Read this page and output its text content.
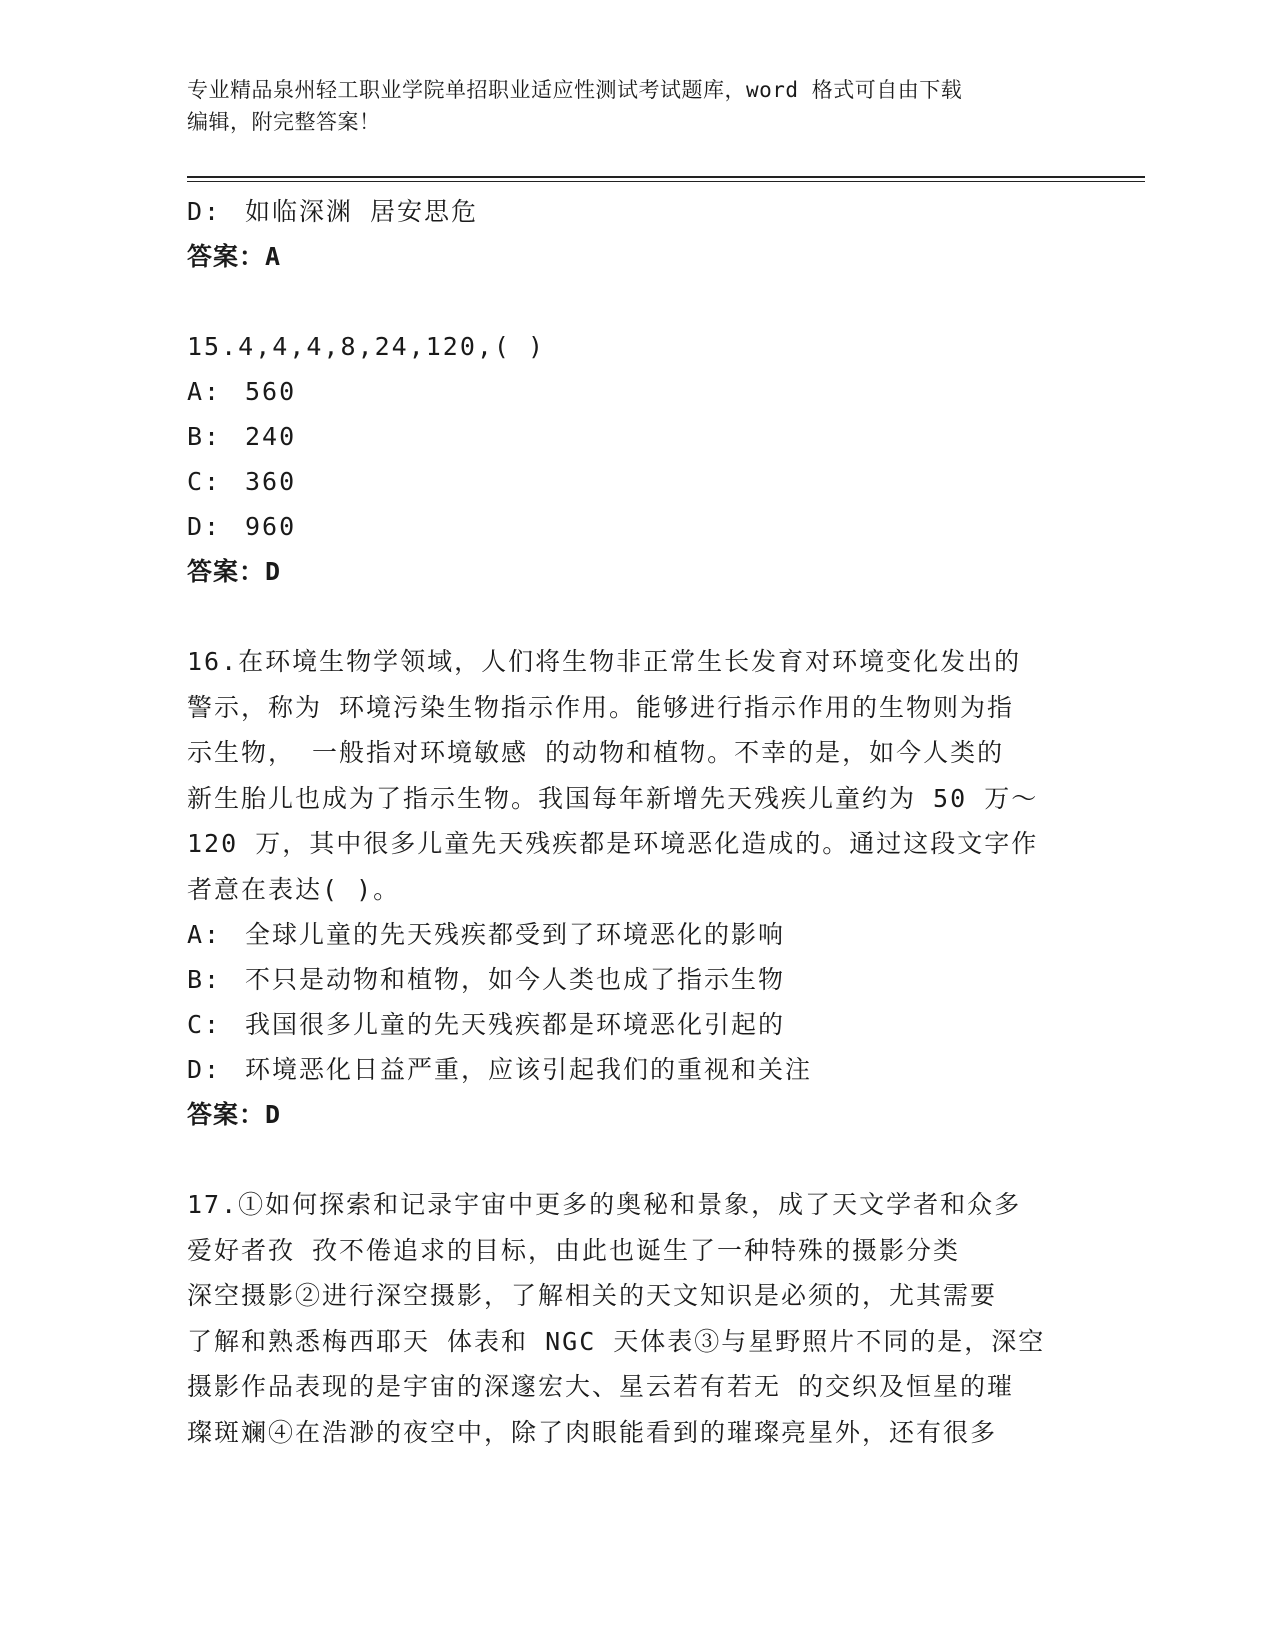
专业精品泉州轻工职业学院单招职业适应性测试考试题库，word 格式可自由下载
编辑，附完整答案！
D: 如临深渊 居安思危
答案：A
15.4,4,4,8,24,120,( )
A: 560
B: 240
C: 360
D: 960
答案：D
16.在环境生物学领域，人们将生物非正常生长发育对环境变化发出的
警示，称为 环境污染生物指示作用。能够进行指示作用的生物则为指
示生物， 一般指对环境敏感 的动物和植物。不幸的是，如今人类的
新生胎儿也成为了指示生物。我国每年新增先天残疾儿童约为 50 万～
120 万，其中很多儿童先天残疾都是环境恶化造成的。通过这段文字作
者意在表达( )。
A: 全球儿童的先天残疾都受到了环境恶化的影响
B: 不只是动物和植物，如今人类也成了指示生物
C: 我国很多儿童的先天残疾都是环境恶化引起的
D: 环境恶化日益严重，应该引起我们的重视和关注
答案：D
17.①如何探索和记录宇宙中更多的奥秘和景象，成了天文学者和众多
爱好者孜 孜不倦追求的目标，由此也诞生了一种特殊的摄影分类
深空摄影②进行深空摄影，了解相关的天文知识是必须的，尤其需要
了解和熟悉梅西耶天 体表和 NGC 天体表③与星野照片不同的是，深空
摄影作品表现的是宇宙的深邃宏大、星云若有若无 的交织及恒星的璀
璨斑斓④在浩渺的夜空中，除了肉眼能看到的璀璨亮星外，还有很多
